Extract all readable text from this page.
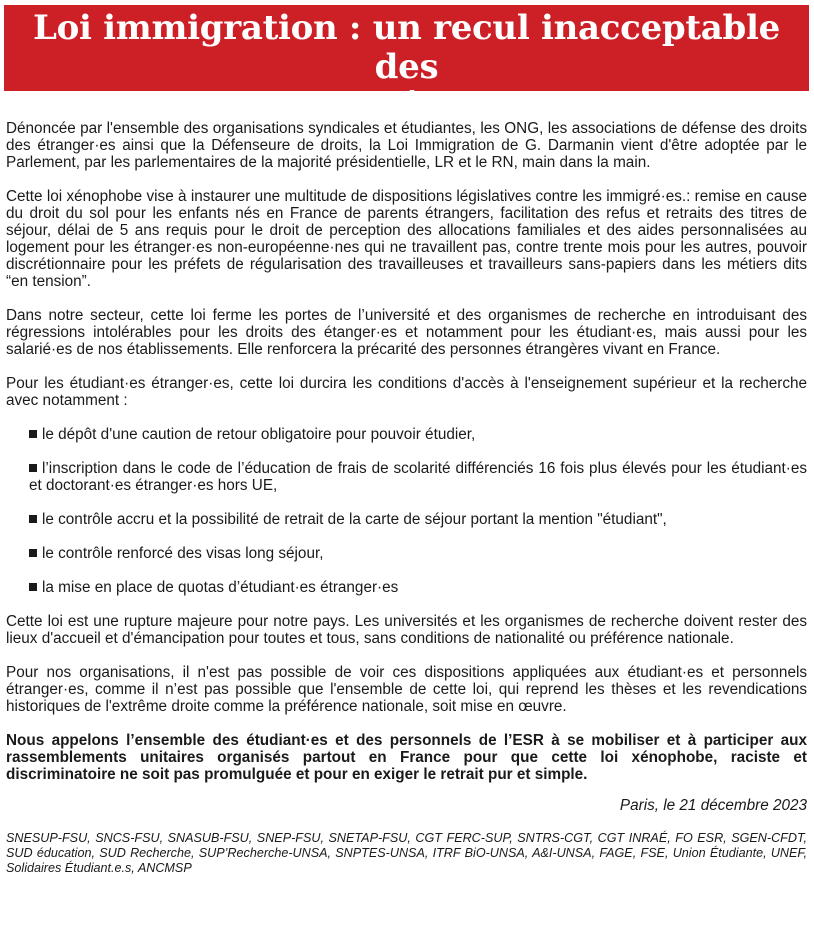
Loi immigration : un recul inacceptable des
droits des étranger·es

Dénoncée par l'ensemble des organisations syndicales et étudiantes, les ONG, les associations de défense des droits des étranger·es ainsi que la Défenseure de droits, la Loi Immigration de G. Darmanin vient d'être adoptée par le Parlement, par les parlementaires de la majorité présidentielle, LR et le RN, main dans la main.

Cette loi xénophobe vise à instaurer une multitude de dispositions législatives contre les immigré·es.: remise en cause du droit du sol pour les enfants nés en France de parents étrangers, facilitation des refus et retraits des titres de séjour, délai de 5 ans requis pour le droit de perception des allocations familiales et des aides personnalisées au logement pour les étranger·es non-européenne·nes qui ne travaillent pas, contre trente mois pour les autres, pouvoir discrétionnaire pour les préfets de régularisation des travailleuses et travailleurs sans-papiers dans les métiers dits “en tension”.

Dans notre secteur, cette loi ferme les portes de l’université et des organismes de recherche en introduisant des régressions intolérables pour les droits des étanger·es et notamment pour les étudiant·es, mais aussi pour les salarié·es de nos établissements. Elle renforcera la précarité des personnes étrangères vivant en France.

Pour les étudiant·es étranger·es, cette loi durcira les conditions d'accès à l'enseignement supérieur et la recherche avec notamment :

le dépôt d'une caution de retour obligatoire pour pouvoir étudier,
l’inscription dans le code de l’éducation de frais de scolarité différenciés 16 fois plus élevés pour les étudiant·es et doctorant·es étranger·es hors UE,
le contrôle accru et la possibilité de retrait de la carte de séjour portant la mention "étudiant",
le contrôle renforcé des visas long séjour,
la mise en place de quotas d’étudiant·es étranger·es

Cette loi est une rupture majeure pour notre pays. Les universités et les organismes de recherche doivent rester des lieux d'accueil et d'émancipation pour toutes et tous, sans conditions de nationalité ou préférence nationale.

Pour nos organisations, il n'est pas possible de voir ces dispositions appliquées aux étudiant·es et personnels étranger·es, comme il n’est pas possible que l'ensemble de cette loi, qui reprend les thèses et les revendications historiques de l'extrême droite comme la préférence nationale, soit mise en œuvre.

Nous appelons l’ensemble des étudiant·es et des personnels de l’ESR à se mobiliser et à participer aux rassemblements unitaires organisés partout en France pour que cette loi xénophobe, raciste et discriminatoire ne soit pas promulguée et pour en exiger le retrait pur et simple.

Paris, le 21 décembre 2023

SNESUP-FSU, SNCS-FSU, SNASUB-FSU, SNEP-FSU, SNETAP-FSU, CGT FERC-SUP, SNTRS-CGT, CGT INRAÉ, FO ESR, SGEN-CFDT, SUD éducation, SUD Recherche, SUP’Recherche-UNSA, SNPTES-UNSA, ITRF BiO-UNSA, A&I-UNSA, FAGE, FSE, Union Étudiante, UNEF, Solidaires Étudiant.e.s, ANCMSP
